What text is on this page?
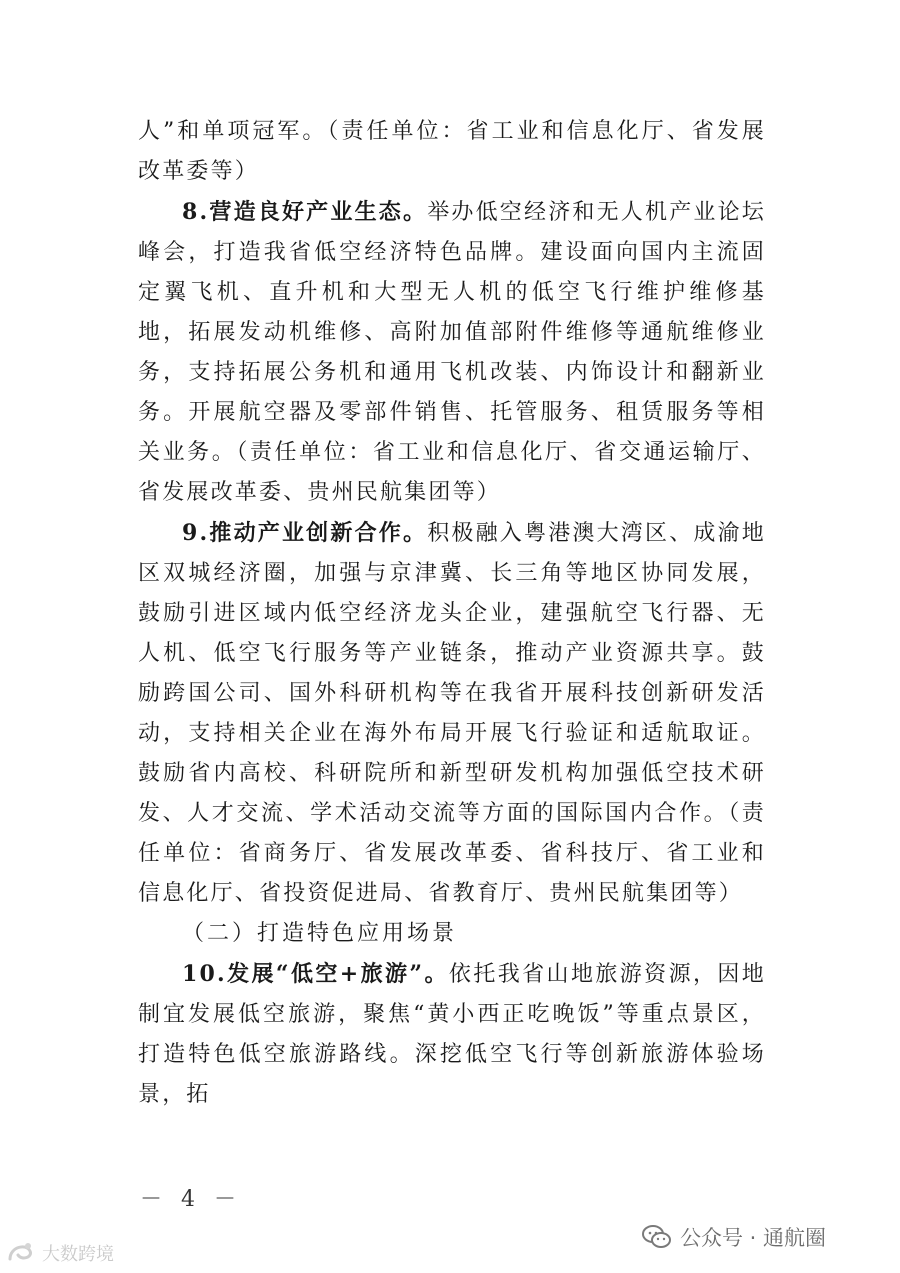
人”和单项冠军。（责任单位：省工业和信息化厅、省发展改革委等）

8.营造良好产业生态。举办低空经济和无人机产业论坛峰会，打造我省低空经济特色品牌。建设面向国内主流固定翼飞机、直升机和大型无人机的低空飞行维护维修基地，拓展发动机维修、高附加值部附件维修等通航维修业务，支持拓展公务机和通用飞机改装、内饰设计和翻新业务。开展航空器及零部件销售、托管服务、租赁服务等相关业务。（责任单位：省工业和信息化厅、省交通运输厅、省发展改革委、贵州民航集团等）

9.推动产业创新合作。积极融入粤港澳大湾区、成渝地区双城经济圈，加强与京津冀、长三角等地区协同发展，鼓励引进区域内低空经济龙头企业，建强航空飞行器、无人机、低空飞行服务等产业链条，推动产业资源共享。鼓励跨国公司、国外科研机构等在我省开展科技创新研发活动，支持相关企业在海外布局开展飞行验证和适航取证。鼓励省内高校、科研院所和新型研发机构加强低空技术研发、人才交流、学术活动交流等方面的国际国内合作。（责任单位：省商务厅、省发展改革委、省科技厅、省工业和信息化厅、省投资促进局、省教育厅、贵州民航集团等）

（二）打造特色应用场景

10.发展“低空+旅游”。依托我省山地旅游资源，因地制宜发展低空旅游，聚焦“黄小西正吃晚饭”等重点景区，打造特色低空旅游路线。深挖低空飞行等创新旅游体验场景，拓

－ 4 －
公众号 · 通航圈
大数跨境
